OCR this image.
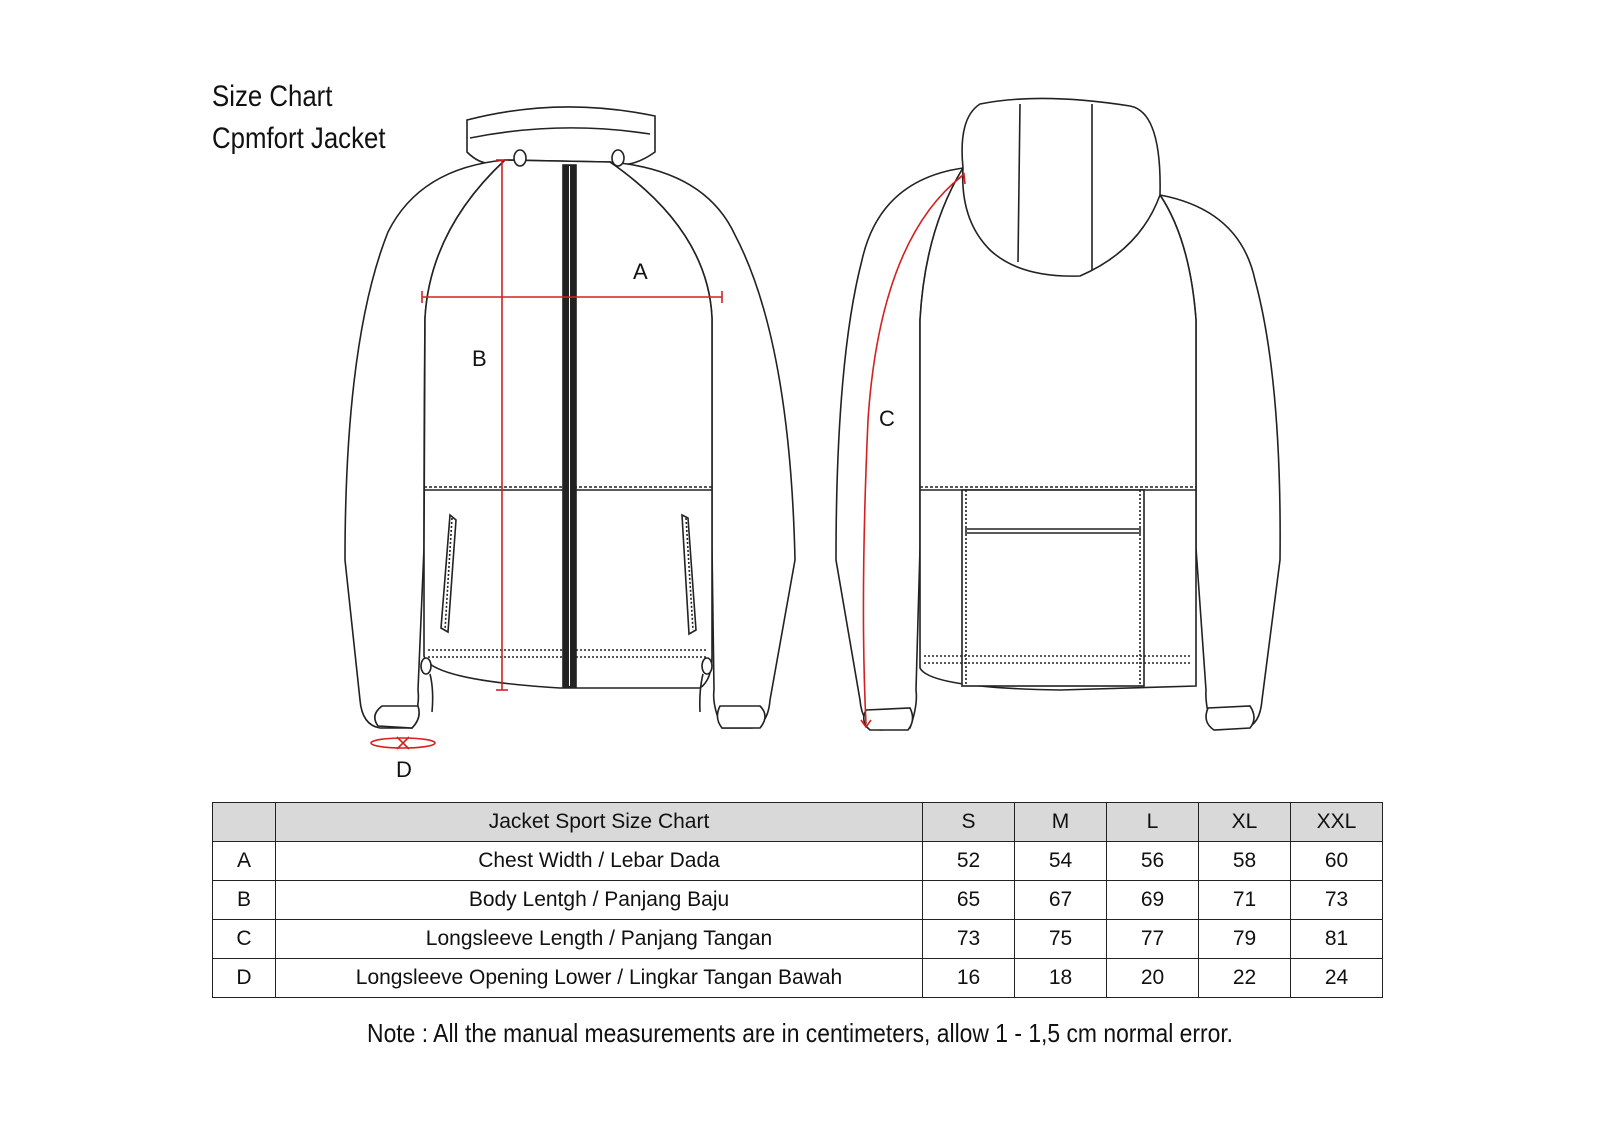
Size Chart
Cpmfort Jacket
A
B
C
D
	Jacket Sport Size Chart	S	M	L	XL	XXL
A	Chest Width / Lebar Dada	52	54	56	58	60
B	Body Lentgh / Panjang Baju	65	67	69	71	73
C	Longsleeve Length / Panjang Tangan	73	75	77	79	81
D	Longsleeve Opening Lower / Lingkar Tangan Bawah	16	18	20	22	24
Note : All the manual measurements are in centimeters, allow 1 - 1,5 cm normal error.
